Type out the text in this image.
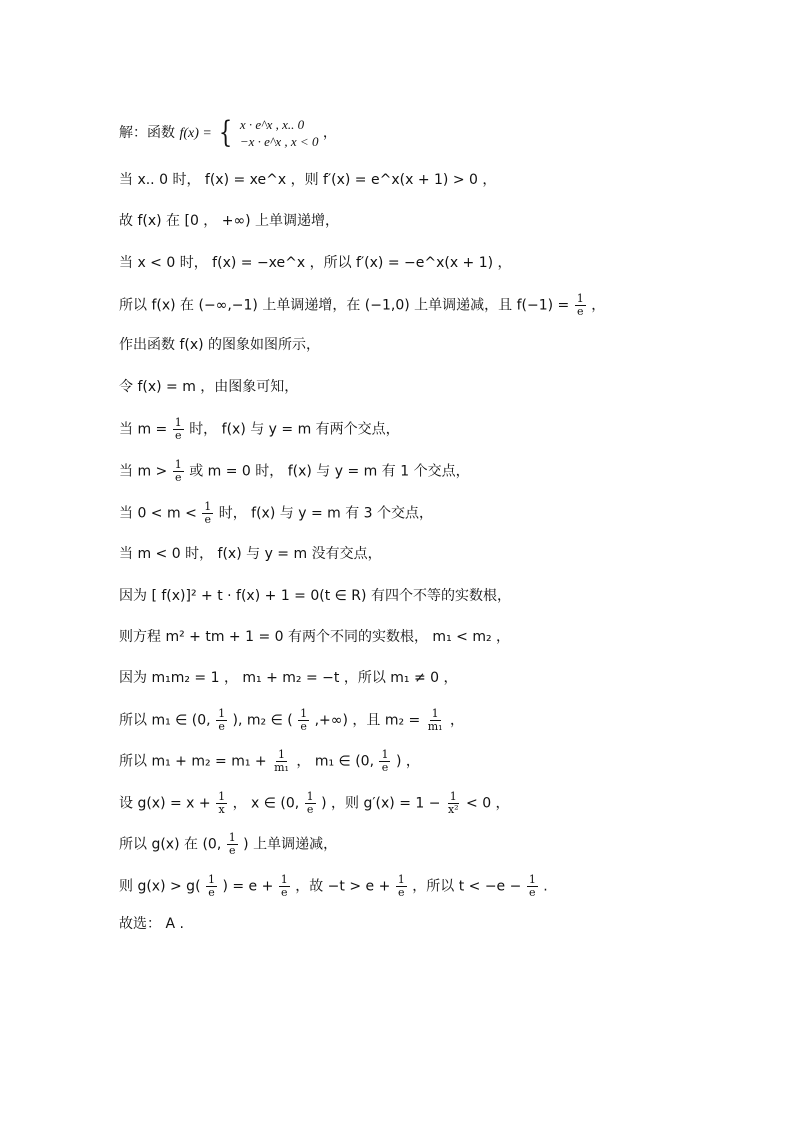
解：函数 f(x) = { x · e^x , x.. 0
−x · e^x , x < 0
，
当 x.. 0 时， f(x) = xe^x ，则 f′(x) = e^x(x + 1) > 0 ，
故 f(x) 在 [0 ， +∞) 上单调递增，
当 x < 0 时， f(x) = −xe^x ，所以 f′(x) = −e^x(x + 1) ，
所以 f(x) 在 (−∞,−1) 上单调递增，在 (−1,0) 上单调递减，且 $f(-1) = \frac{1}{e}$ ，
作出函数 f(x) 的图象如图所示，
令 f(x) = m ，由图象可知，
当 $m = \frac{1}{e}$ 时， f(x) 与 y = m 有两个交点，
当 $m > \frac{1}{e}$ 或 m = 0 时， f(x) 与 y = m 有 1 个交点，
当 $0 < m < \frac{1}{e}$ 时， f(x) 与 y = m 有 3 个交点，
当 m < 0 时， f(x) 与 y = m 没有交点，
因为 [ f(x)]² + t · f(x) + 1 = 0(t ∈ R) 有四个不等的实数根，
则方程 m² + tm + 1 = 0 有两个不同的实数根， m₁ < m₂ ，
因为 m₁m₂ = 1 ， m₁ + m₂ = −t ，所以 m₁ ≠ 0 ，
所以 m₁ ∈ (0, $\frac{1}{e}$ ), m₂ ∈ ( $\frac{1}{e}$ ,+∞) ，且 $m_2 = \frac{1}{\text{m₁}}$ ，
所以 $m_1 + m_2 = m_1 + \frac{1}{\text{m₁}}$ ， m₁ ∈ (0, $\frac{1}{e}$ ) ，
设 $g(x) = x + \frac{1}{x}$ ， x ∈ (0, $\frac{1}{e}$ ) ，则 $g'(x) = 1 - \frac{1}{\text{x²}} < 0$ ，
所以 g(x) 在 (0, $\frac{1}{e}$ ) 上单调递减，
则 $g(x) > g( \frac{1}{e}$ ) = $e + \frac{1}{e}$ ，故 $-t > e + \frac{1}{e}$ ，所以 $t < -e - \frac{1}{e}$ .
故选： A .
